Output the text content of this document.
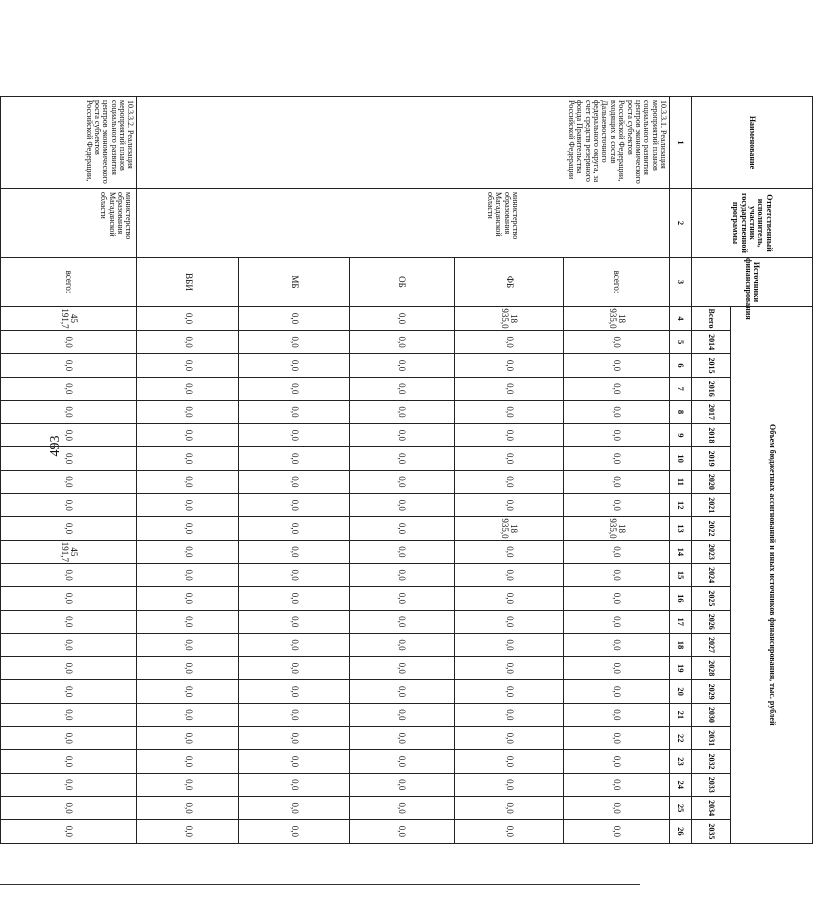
493
Наименование	Ответственный исполнитель, участник государственной программы	Источники финансирования	Объем бюджетных ассигнований и иных источников финансирования, тыс. рублей																						
			Всего	2014	2015	2016	2017	2018	2019	2020	2021	2022	2023	2024	2025	2026	2027	2028	2029	2030	2031	2032	2033	2034	2035
1	2	3	4	5	6	7	8	9	10	11	12	13	14	15	16	17	18	19	20	21	22	23	24	25	26
10.3.3.1. Реализация мероприятий планов социального развития центров экономического роста субъектов Российской Федерации, входящих в состав Дальневосточного федерального округа, за счет средств резервного фонда Правительства Российской Федерации	министерство образования Магаданской области	всего:	18 935,0	0,0	0,0	0,0	0,0	0,0	0,0	0,0	0,0	18 935,0	0,0	0,0	0,0	0,0	0,0	0,0	0,0	0,0	0,0	0,0	0,0	0,0	0,0
		ФБ	18 935,0	0,0	0,0	0,0	0,0	0,0	0,0	0,0	0,0	18 935,0	0,0	0,0	0,0	0,0	0,0	0,0	0,0	0,0	0,0	0,0	0,0	0,0	0,0
		ОБ	0,0	0,0	0,0	0,0	0,0	0,0	0,0	0,0	0,0	0,0	0,0	0,0	0,0	0,0	0,0	0,0	0,0	0,0	0,0	0,0	0,0	0,0	0,0
		МБ	0,0	0,0	0,0	0,0	0,0	0,0	0,0	0,0	0,0	0,0	0,0	0,0	0,0	0,0	0,0	0,0	0,0	0,0	0,0	0,0	0,0	0,0	0,0
		ВБИ	0,0	0,0	0,0	0,0	0,0	0,0	0,0	0,0	0,0	0,0	0,0	0,0	0,0	0,0	0,0	0,0	0,0	0,0	0,0	0,0	0,0	0,0	0,0
10.3.3.2. Реализация мероприятий планов социального развития центров экономического роста субъектов Российской Федерации,	министерство образования Магаданской области	всего:	45 191,7	0,0	0,0	0,0	0,0	0,0	0,0	0,0	0,0	0,0	45 191,7	0,0	0,0	0,0	0,0	0,0	0,0	0,0	0,0	0,0	0,0	0,0	0,0
